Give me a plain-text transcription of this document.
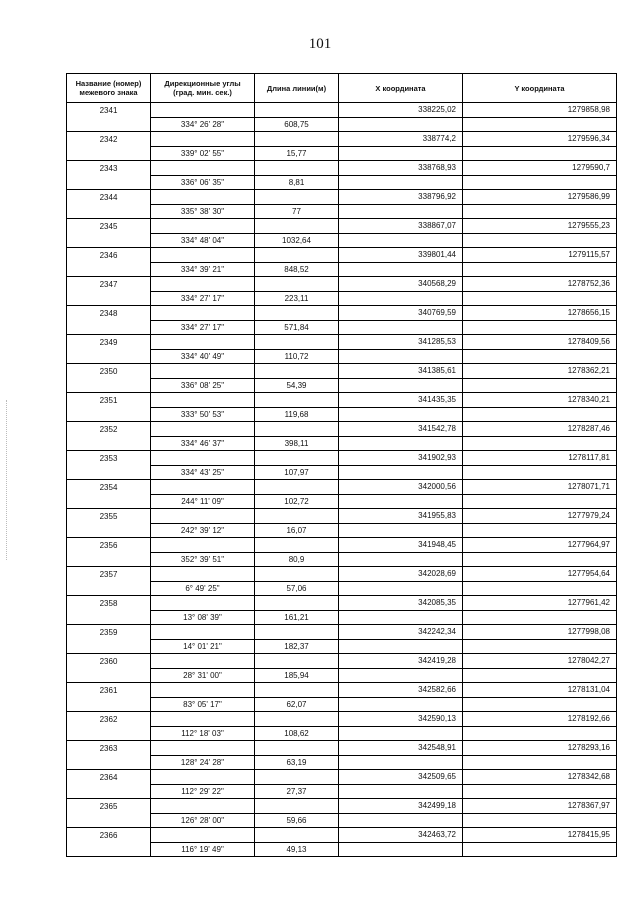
101
Название (номер) межевого знака	Дирекционные углы (град. мин. сек.)	Длина линии(м)	X координата	Y координата
2341			338225,02	1279858,98
	334° 26' 28"	608,75		
2342			338774,2	1279596,34
	339° 02' 55"	15,77		
2343			338768,93	1279590,7
	336° 06' 35"	8,81		
2344			338796,92	1279586,99
	335° 38' 30"	77		
2345			338867,07	1279555,23
	334° 48' 04"	1032,64		
2346			339801,44	1279115,57
	334° 39' 21"	848,52		
2347			340568,29	1278752,36
	334° 27' 17"	223,11		
2348			340769,59	1278656,15
	334° 27' 17"	571,84		
2349			341285,53	1278409,56
	334° 40' 49"	110,72		
2350			341385,61	1278362,21
	336° 08' 25"	54,39		
2351			341435,35	1278340,21
	333° 50' 53"	119,68		
2352			341542,78	1278287,46
	334° 46' 37"	398,11		
2353			341902,93	1278117,81
	334° 43' 25"	107,97		
2354			342000,56	1278071,71
	244° 11' 09"	102,72		
2355			341955,83	1277979,24
	242° 39' 12"	16,07		
2356			341948,45	1277964,97
	352° 39' 51"	80,9		
2357			342028,69	1277954,64
	6° 49' 25"	57,06		
2358			342085,35	1277961,42
	13° 08' 39"	161,21		
2359			342242,34	1277998,08
	14° 01' 21"	182,37		
2360			342419,28	1278042,27
	28° 31' 00"	185,94		
2361			342582,66	1278131,04
	83° 05' 17"	62,07		
2362			342590,13	1278192,66
	112° 18' 03"	108,62		
2363			342548,91	1278293,16
	128° 24' 28"	63,19		
2364			342509,65	1278342,68
	112° 29' 22"	27,37		
2365			342499,18	1278367,97
	126° 28' 00"	59,66		
2366			342463,72	1278415,95
	116° 19' 49"	49,13		
